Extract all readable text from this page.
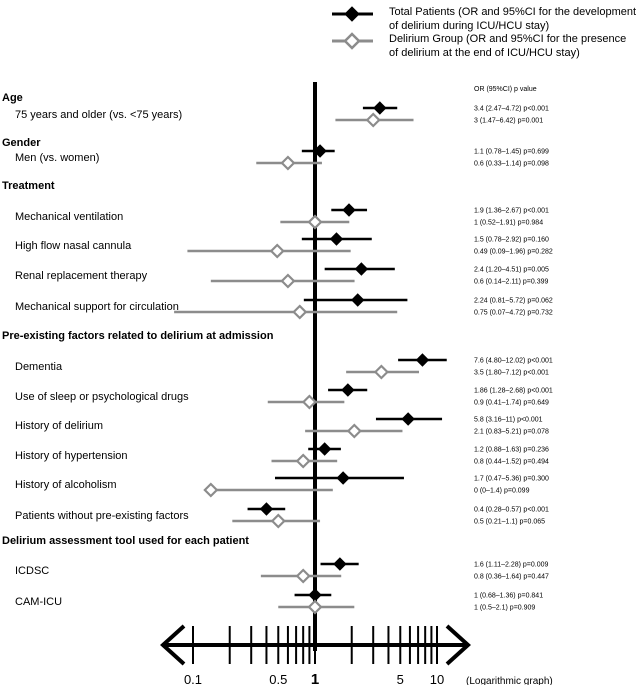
Total Patients (OR and 95%CI for the development
of delirium during ICU/HCU stay)
Delirium Group (OR and 95%CI for the presence
of delirium at the end of ICU/HCU stay)
OR (95%CI) p value
Age
75 years and older (vs. <75 years)	3.4 (2.47–4.72) p<0.001
3 (1.47–6.42) p=0.001
Gender
Men (vs. women)	1.1 (0.78–1.45) p=0.699
0.6 (0.33–1.14) p=0.098
Treatment
Mechanical ventilation	1.9 (1.36–2.67) p<0.001
1 (0.52–1.91) p=0.984
High flow nasal cannula	1.5 (0.78–2.92) p=0.160
0.49 (0.09–1.96) p=0.282
Renal replacement therapy	2.4 (1.20–4.51) p=0.005
0.6 (0.14–2.11) p=0.399
Mechanical support for circulation	2.24 (0.81–5.72) p=0.062
0.75 (0.07–4.72) p=0.732
Pre-existing factors related to delirium at admission
Dementia	7.6 (4.80–12.02) p<0.001
3.5 (1.80–7.12) p<0.001
Use of sleep or psychological drugs	1.86 (1.28–2.68) p<0.001
0.9 (0.41–1.74) p=0.649
History of delirium	5.8 (3.16–11) p<0.001
2.1 (0.83–5.21) p=0.078
History of hypertension	1.2 (0.88–1.63) p=0.236
0.8 (0.44–1.52) p=0.494
History of alcoholism	1.7 (0.47–5.36) p=0.300
0 (0–1.4) p=0.099
Patients without pre-existing factors	0.4 (0.28–0.57) p<0.001
0.5 (0.21–1.1) p=0.065
Delirium assessment tool used for each patient
ICDSC	1.6 (1.11–2.28) p=0.009
0.8 (0.36–1.64) p=0.447
CAM-ICU	1 (0.68–1.36) p=0.841
1 (0.5–2.1) p=0.909
0.1	0.5 1	5 10 (Logarithmic graph)
